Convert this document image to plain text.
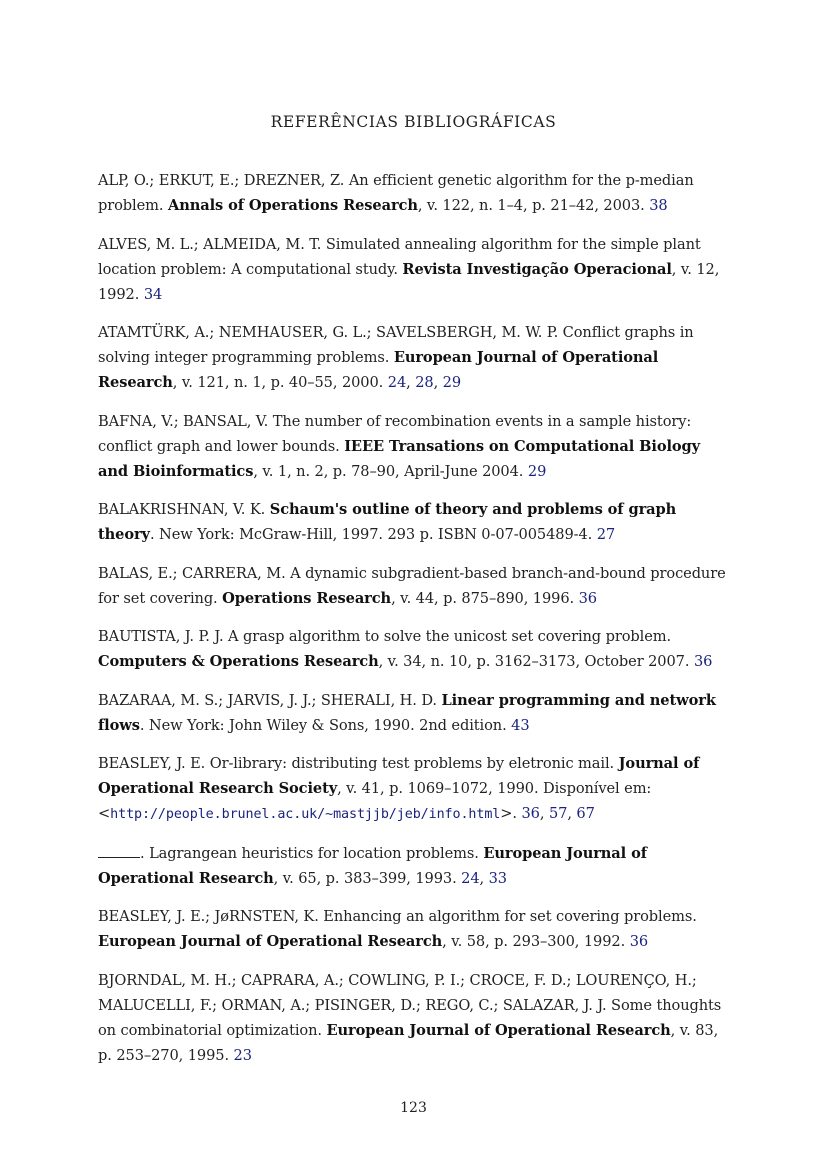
REFERÊNCIAS BIBLIOGRÁFICAS

ALP, O.; ERKUT, E.; DREZNER, Z. An efficient genetic algorithm for the p-median problem. Annals of Operations Research, v. 122, n. 1–4, p. 21–42, 2003. 38

ALVES, M. L.; ALMEIDA, M. T. Simulated annealing algorithm for the simple plant location problem: A computational study. Revista Investigação Operacional, v. 12, 1992. 34

ATAMTÜRK, A.; NEMHAUSER, G. L.; SAVELSBERGH, M. W. P. Conflict graphs in solving integer programming problems. European Journal of Operational Research, v. 121, n. 1, p. 40–55, 2000. 24, 28, 29

BAFNA, V.; BANSAL, V. The number of recombination events in a sample history: conflict graph and lower bounds. IEEE Transations on Computational Biology and Bioinformatics, v. 1, n. 2, p. 78–90, April-June 2004. 29

BALAKRISHNAN, V. K. Schaum's outline of theory and problems of graph theory. New York: McGraw-Hill, 1997. 293 p. ISBN 0-07-005489-4. 27

BALAS, E.; CARRERA, M. A dynamic subgradient-based branch-and-bound procedure for set covering. Operations Research, v. 44, p. 875–890, 1996. 36

BAUTISTA, J. P. J. A grasp algorithm to solve the unicost set covering problem. Computers & Operations Research, v. 34, n. 10, p. 3162–3173, October 2007. 36

BAZARAA, M. S.; JARVIS, J. J.; SHERALI, H. D. Linear programming and network flows. New York: John Wiley & Sons, 1990. 2nd edition. 43

BEASLEY, J. E. Or-library: distributing test problems by eletronic mail. Journal of Operational Research Society, v. 41, p. 1069–1072, 1990. Disponível em: <http://people.brunel.ac.uk/~mastjjb/jeb/info.html>. 36, 57, 67

. Lagrangean heuristics for location problems. European Journal of Operational Research, v. 65, p. 383–399, 1993. 24, 33

BEASLEY, J. E.; JøRNSTEN, K. Enhancing an algorithm for set covering problems. European Journal of Operational Research, v. 58, p. 293–300, 1992. 36

BJORNDAL, M. H.; CAPRARA, A.; COWLING, P. I.; CROCE, F. D.; LOURENÇO, H.; MALUCELLI, F.; ORMAN, A.; PISINGER, D.; REGO, C.; SALAZAR, J. J. Some thoughts on combinatorial optimization. European Journal of Operational Research, v. 83, p. 253–270, 1995. 23

123
